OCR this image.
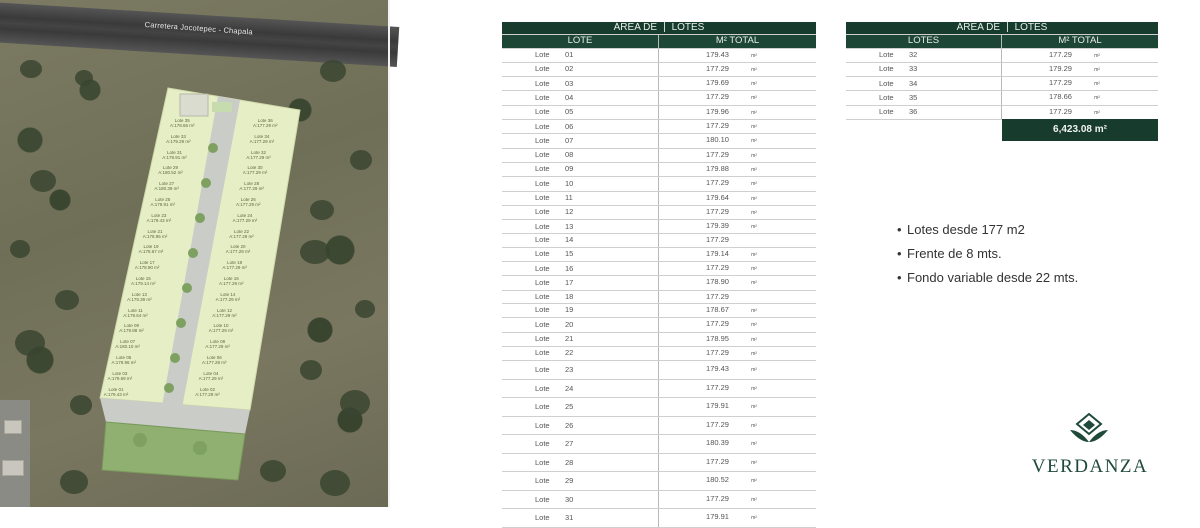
Carretera Jocotepec - Chapala
Lote 35
A:178.66 m²
Lote 33
A:179.29 m²
Lote 31
A:179.91 m²
Lote 29
A:180.52 m²
Lote 27
A:180.39 m²
Lote 25
A:179.91 m²
Lote 23
A:179.43 m²
Lote 21
A:178.95 m²
Lote 19
A:178.67 m²
Lote 17
A:178.90 m²
Lote 15
A:179.14 m²
Lote 13
A:179.39 m²
Lote 11
A:179.64 m²
Lote 09
A:179.88 m²
Lote 07
A:180.10 m²
Lote 05
A:179.96 m²
Lote 03
A:179.69 m²
Lote 01
A:179.43 m²
Lote 36
A:177.29 m²
Lote 34
A:177.29 m²
Lote 32
A:177.29 m²
Lote 30
A:177.29 m²
Lote 28
A:177.29 m²
Lote 26
A:177.29 m²
Lote 24
A:177.29 m²
Lote 22
A:177.29 m²
Lote 20
A:177.29 m²
Lote 18
A:177.29 m²
Lote 16
A:177.29 m²
Lote 14
A:177.29 m²
Lote 12
A:177.29 m²
Lote 10
A:177.29 m²
Lote 08
A:177.29 m²
Lote 06
A:177.29 m²
Lote 04
A:177.29 m²
Lote 02
A:177.29 m²
ÁREA DE LOTES	
LOTE	M² TOTAL
Lote 01	179.43 m²
Lote 02	177.29 m²
Lote 03	179.69 m²
Lote 04	177.29 m²
Lote 05	179.96 m²
Lote 06	177.29 m²
Lote 07	180.10 m²
Lote 08	177.29 m²
Lote 09	179.88 m²
Lote 10	177.29 m²
Lote 11	179.64 m²
Lote 12	177.29 m²
Lote 13	179.39 m²
Lote 14	177.29
Lote 15	179.14 m²
Lote 16	177.29 m²
Lote 17	178.90 m²
Lote 18	177.29
Lote 19	178.67 m²
Lote 20	177.29 m²
Lote 21	178.95 m²
Lote 22	177.29 m²
Lote 23	179.43 m²
Lote 24	177.29 m²
Lote 25	179.91 m²
Lote 26	177.29 m²
Lote 27	180.39 m²
Lote 28	177.29 m²
Lote 29	180.52 m²
Lote 30	177.29 m²
Lote 31	179.91 m²
ÁREA DE LOTES	
LOTES	M² TOTAL
Lote 32	177.29 m²
Lote 33	179.29 m²
Lote 34	177.29 m²
Lote 35	178.66 m²
Lote 36	177.29 m²
6,423.08 m²
• Lotes desde 177 m2
• Frente de 8 mts.
• Fondo variable desde 22 mts.
VERDANZA
